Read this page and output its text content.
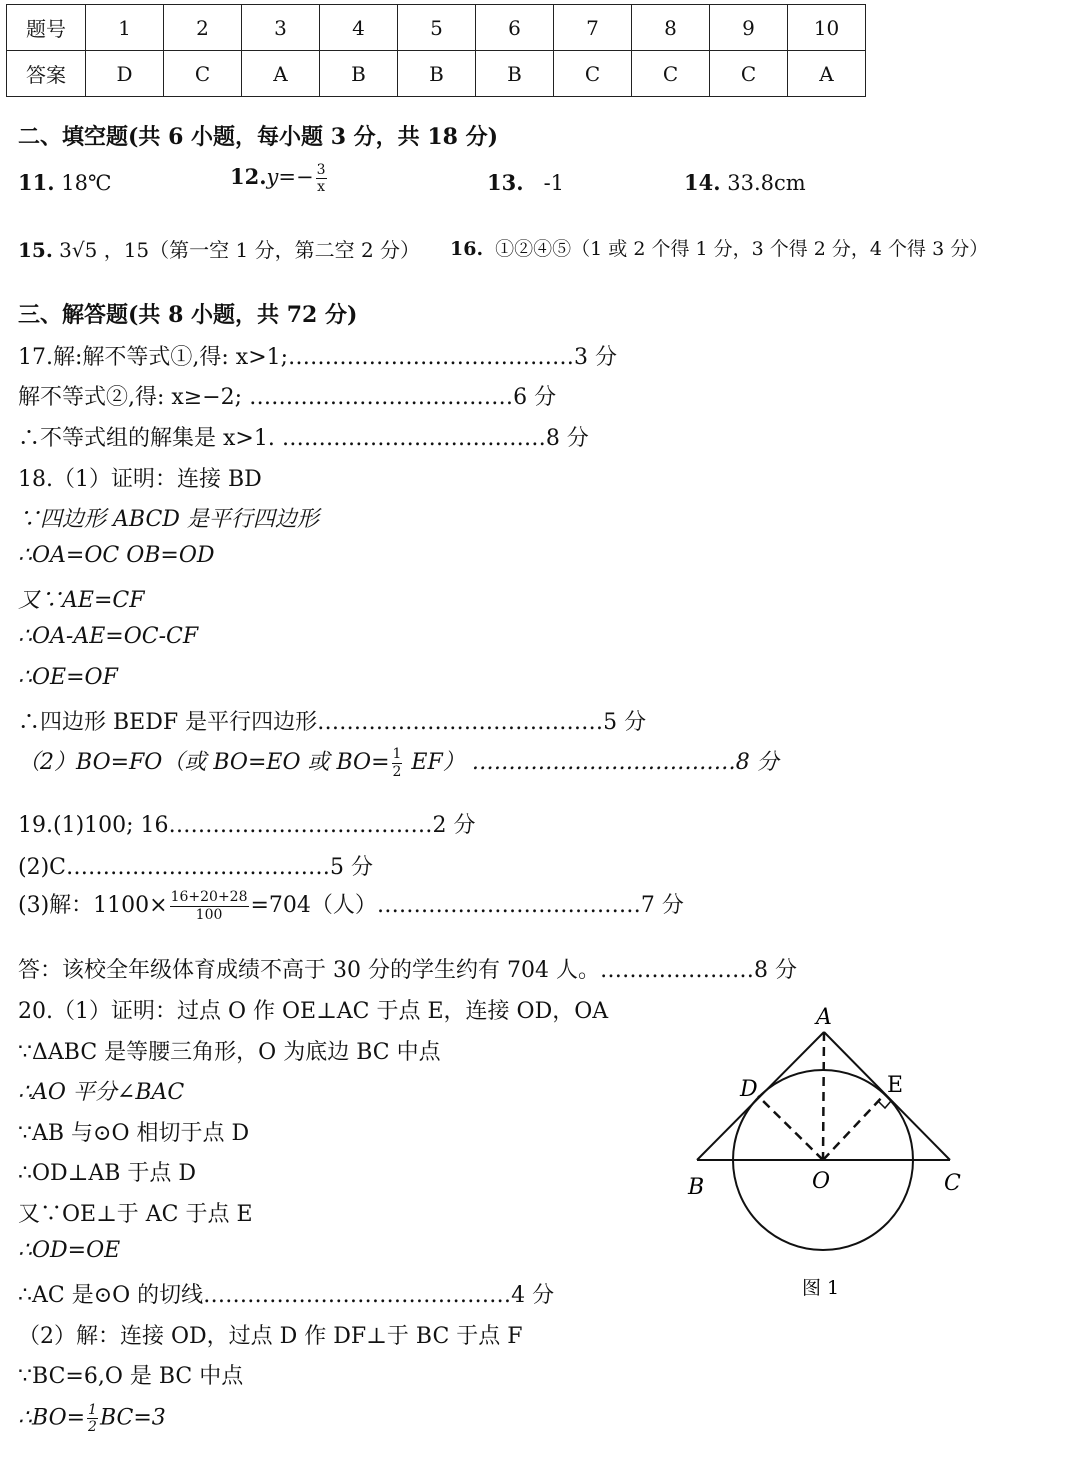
题号	1	2	3	4	5	6	7	8	9	10
答案	D	C	A	B	B	B	C	C	C	A
二、填空题(共 6 小题，每小题 3 分，共 18 分)
11. 18℃	$12.y=- \frac{3}{x}$	13. -1	14. 33.8cm
15. 3√5 ，15（第一空 1 分，第二空 2 分） 16. ①②④⑤（1 或 2 个得 1 分，3 个得 2 分，4 个得 3 分）
三、解答题(共 8 小题，共 72 分)
17.解:解不等式①,得: x>1;…………………………………3 分
解不等式②,得: x≥−2; ………………………………6 分
∴不等式组的解集是 x>1. ………………………………8 分
18.（1）证明：连接 BD
∵四边形 ABCD 是平行四边形
∴OA=OC OB=OD
又∵AE=CF
∴OA-AE=OC-CF
∴OE=OF
∴四边形 BEDF 是平行四边形…………………………………5 分
（2）BO=FO（或 BO=EO 或 $BO= \frac{1}{2} EF$） ………………………………8 分
19.(1)100; 16………………………………2 分
(2)C………………………………5 分
(3)解：$1100\times \frac{16+20+28}{100} =704$（人）………………………………7 分
答：该校全年级体育成绩不高于 30 分的学生约有 704 人。…………………8 分
20.（1）证明：过点 O 作 OE⊥AC 于点 E，连接 OD，OA
∵ΔABC 是等腰三角形，O 为底边 BC 中点
∴AO 平分∠BAC
∵AB 与⊙O 相切于点 D
∴OD⊥AB 于点 D
又∵OE⊥于 AC 于点 E
∴OD=OE
∴AC 是⊙O 的切线……………………………………4 分
（2）解：连接 OD，过点 D 作 DF⊥于 BC 于点 F
∵BC=6,O 是 BC 中点
∴BO= $\frac{1}{2} BC=3$
A
D	E
B	O	C
图 1
